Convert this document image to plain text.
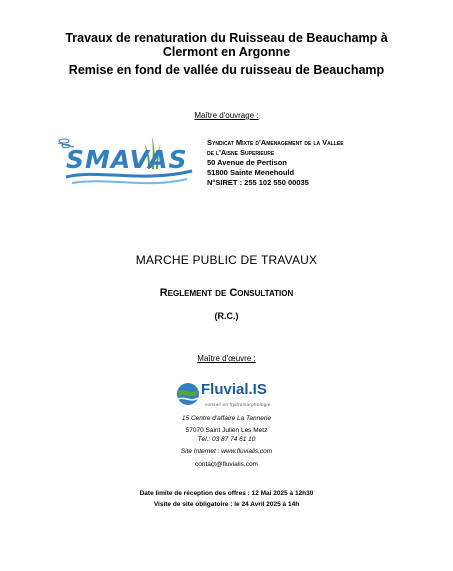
Travaux de renaturation du Ruisseau de Beauchamp à
Clermont en Argonne
Remise en fond de vallée du ruisseau de Beauchamp
Maître d'ouvrage :
SMAVAS
Syndicat Mixte d'Amenagement de la Vallee
de l'Aisne Superieure
50 Avenue de Pertison
51800 Sainte Menehould
N°SIRET : 255 102 550 00035
MARCHE PUBLIC DE TRAVAUX
Reglement de Consultation
(R.C.)
Maître d'œuvre :
Fluvial.IS
conseil en hydromorphologie
15 Centre d'affaire La Tannerie
57070 Saint Julien Les Metz
Tél.: 03 87 74 61 10
Site Internet : www.fluvialis.com
contact@fluvialis.com
Date limite de réception des offres : 12 Mai 2025 à 12h30
Visite de site obligatoire : le 24 Avril 2025 à 14h
